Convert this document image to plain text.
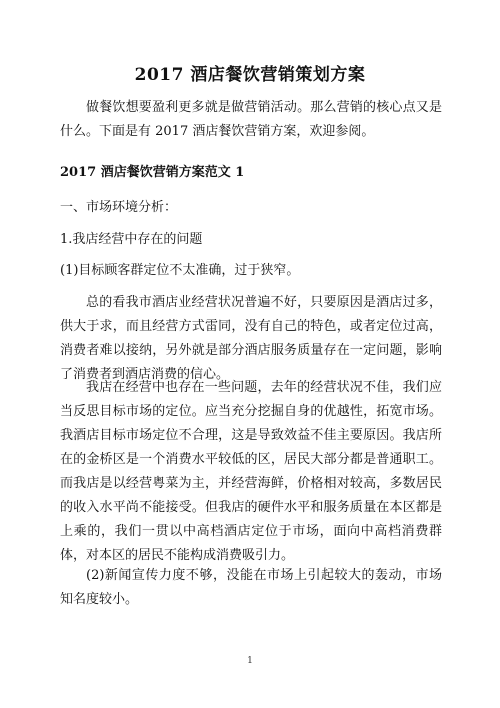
2017 酒店餐饮营销策划方案
做餐饮想要盈利更多就是做营销活动。那么营销的核心点又是什么。下面是有 2017 酒店餐饮营销方案，欢迎参阅。
2017 酒店餐饮营销方案范文 1
一、市场环境分析：
1.我店经营中存在的问题
(1)目标顾客群定位不太准确，过于狭窄。
总的看我市酒店业经营状况普遍不好，只要原因是酒店过多，供大于求，而且经营方式雷同，没有自己的特色，或者定位过高，消费者难以接纳，另外就是部分酒店服务质量存在一定问题，影响了消费者到酒店消费的信心。
我店在经营中也存在一些问题，去年的经营状况不佳，我们应当反思目标市场的定位。应当充分挖掘自身的优越性，拓宽市场。我酒店目标市场定位不合理，这是导致效益不佳主要原因。我店所在的金桥区是一个消费水平较低的区，居民大部分都是普通职工。而我店是以经营粤菜为主，并经营海鲜，价格相对较高，多数居民的收入水平尚不能接受。但我店的硬件水平和服务质量在本区都是上乘的，我们一贯以中高档酒店定位于市场，面向中高档消费群体，对本区的居民不能构成消费吸引力。
(2)新闻宣传力度不够，没能在市场上引起较大的轰动，市场知名度较小。
1
